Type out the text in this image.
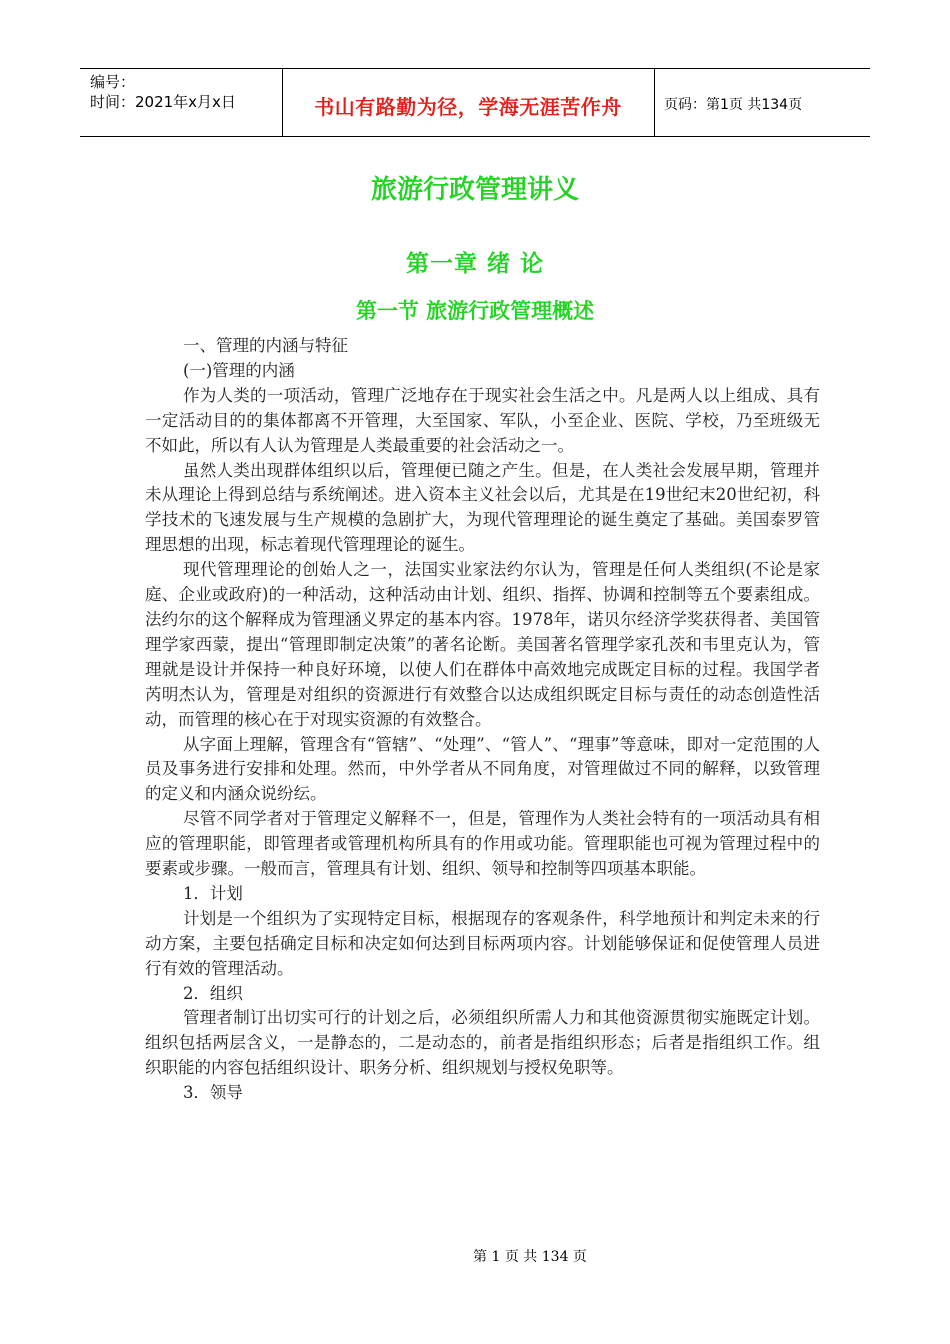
编号：
时间：2021年x月x日	书山有路勤为径，学海无涯苦作舟	页码：第1页 共134页
旅游行政管理讲义
第一章 绪 论
第一节 旅游行政管理概述

一、管理的内涵与特征

(一)管理的内涵

作为人类的一项活动，管理广泛地存在于现实社会生活之中。凡是两人以上组成、具有一定活动目的的集体都离不开管理，大至国家、军队，小至企业、医院、学校，乃至班级无不如此，所以有人认为管理是人类最重要的社会活动之一。

虽然人类出现群体组织以后，管理便已随之产生。但是，在人类社会发展早期，管理并未从理论上得到总结与系统阐述。进入资本主义社会以后，尤其是在19世纪末20世纪初，科学技术的飞速发展与生产规模的急剧扩大，为现代管理理论的诞生奠定了基础。美国泰罗管理思想的出现，标志着现代管理理论的诞生。

现代管理理论的创始人之一，法国实业家法约尔认为，管理是任何人类组织(不论是家庭、企业或政府)的一种活动，这种活动由计划、组织、指挥、协调和控制等五个要素组成。法约尔的这个解释成为管理涵义界定的基本内容。1978年，诺贝尔经济学奖获得者、美国管理学家西蒙，提出“管理即制定决策”的著名论断。美国著名管理学家孔茨和韦里克认为，管理就是设计并保持一种良好环境，以使人们在群体中高效地完成既定目标的过程。我国学者芮明杰认为，管理是对组织的资源进行有效整合以达成组织既定目标与责任的动态创造性活动，而管理的核心在于对现实资源的有效整合。

从字面上理解，管理含有“管辖”、“处理”、“管人”、“理事”等意味，即对一定范围的人员及事务进行安排和处理。然而，中外学者从不同角度，对管理做过不同的解释，以致管理的定义和内涵众说纷纭。

尽管不同学者对于管理定义解释不一，但是，管理作为人类社会特有的一项活动具有相应的管理职能，即管理者或管理机构所具有的作用或功能。管理职能也可视为管理过程中的要素或步骤。一般而言，管理具有计划、组织、领导和控制等四项基本职能。

1．计划

计划是一个组织为了实现特定目标，根据现存的客观条件，科学地预计和判定未来的行动方案，主要包括确定目标和决定如何达到目标两项内容。计划能够保证和促使管理人员进行有效的管理活动。

2．组织

管理者制订出切实可行的计划之后，必须组织所需人力和其他资源贯彻实施既定计划。组织包括两层含义，一是静态的，二是动态的，前者是指组织形态；后者是指组织工作。组织职能的内容包括组织设计、职务分析、组织规划与授权免职等。

3．领导

第 1 页 共 134 页
